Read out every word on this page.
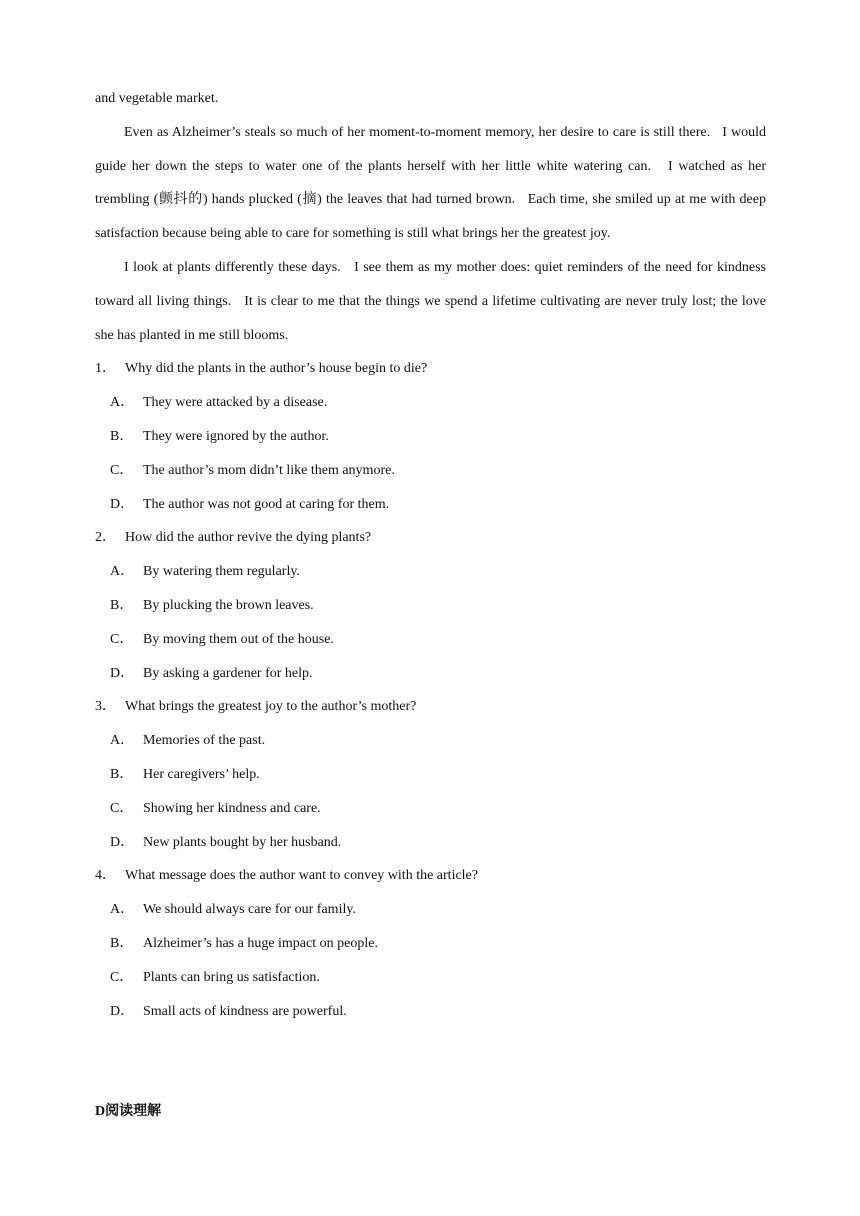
and vegetable market.

Even as Alzheimer’s steals so much of her moment-to-moment memory, her desire to care is still there.   I would guide her down the steps to water one of the plants herself with her little white watering can.   I watched as her trembling (颤抖的) hands plucked (摘) the leaves that had turned brown.   Each time, she smiled up at me with deep satisfaction because being able to care for something is still what brings her the greatest joy.

I look at plants differently these days.   I see them as my mother does: quiet reminders of the need for kindness toward all living things.   It is clear to me that the things we spend a lifetime cultivating are never truly lost; the love she has planted in me still blooms.

1． Why did the plants in the author’s house begin to die?

A． They were attacked by a disease.

B． They were ignored by the author.

C． The author’s mom didn’t like them anymore.

D． The author was not good at caring for them.

2． How did the author revive the dying plants?

A． By watering them regularly.

B． By plucking the brown leaves.

C． By moving them out of the house.

D． By asking a gardener for help.

3． What brings the greatest joy to the author’s mother?

A． Memories of the past.

B． Her caregivers’ help.

C． Showing her kindness and care.

D． New plants bought by her husband.

4． What message does the author want to convey with the article?

A． We should always care for our family.

B． Alzheimer’s has a huge impact on people.

C． Plants can bring us satisfaction.

D． Small acts of kindness are powerful.

D阅读理解
